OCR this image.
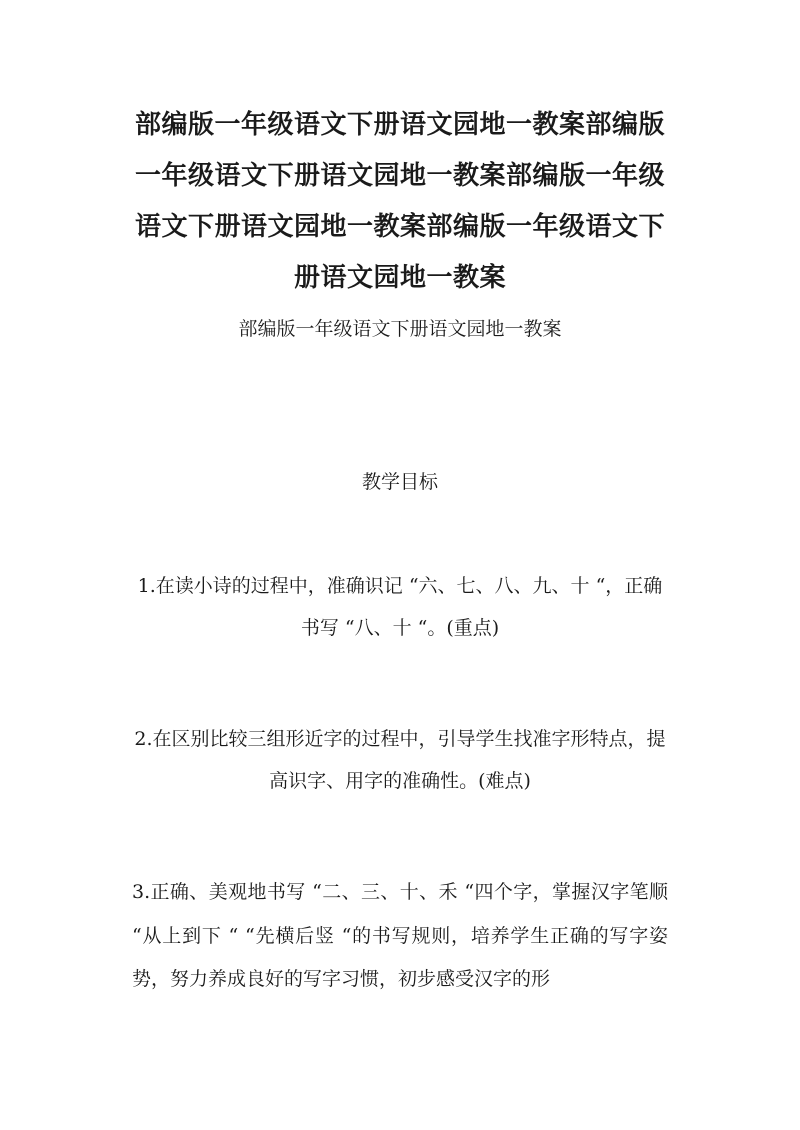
部编版一年级语文下册语文园地一教案部编版一年级语文下册语文园地一教案部编版一年级语文下册语文园地一教案部编版一年级语文下册语文园地一教案
部编版一年级语文下册语文园地一教案
教学目标
1.在读小诗的过程中，准确识记 “六、七、八、九、十 “，正确书写 “八、十 “。(重点)
2.在区别比较三组形近字的过程中，引导学生找准字形特点，提高识字、用字的准确性。(难点)
3.正确、美观地书写 “二、三、十、禾 “四个字，掌握汉字笔顺 “从上到下 “ “先横后竖 “的书写规则，培养学生正确的写字姿势，努力养成良好的写字习惯，初步感受汉字的形
